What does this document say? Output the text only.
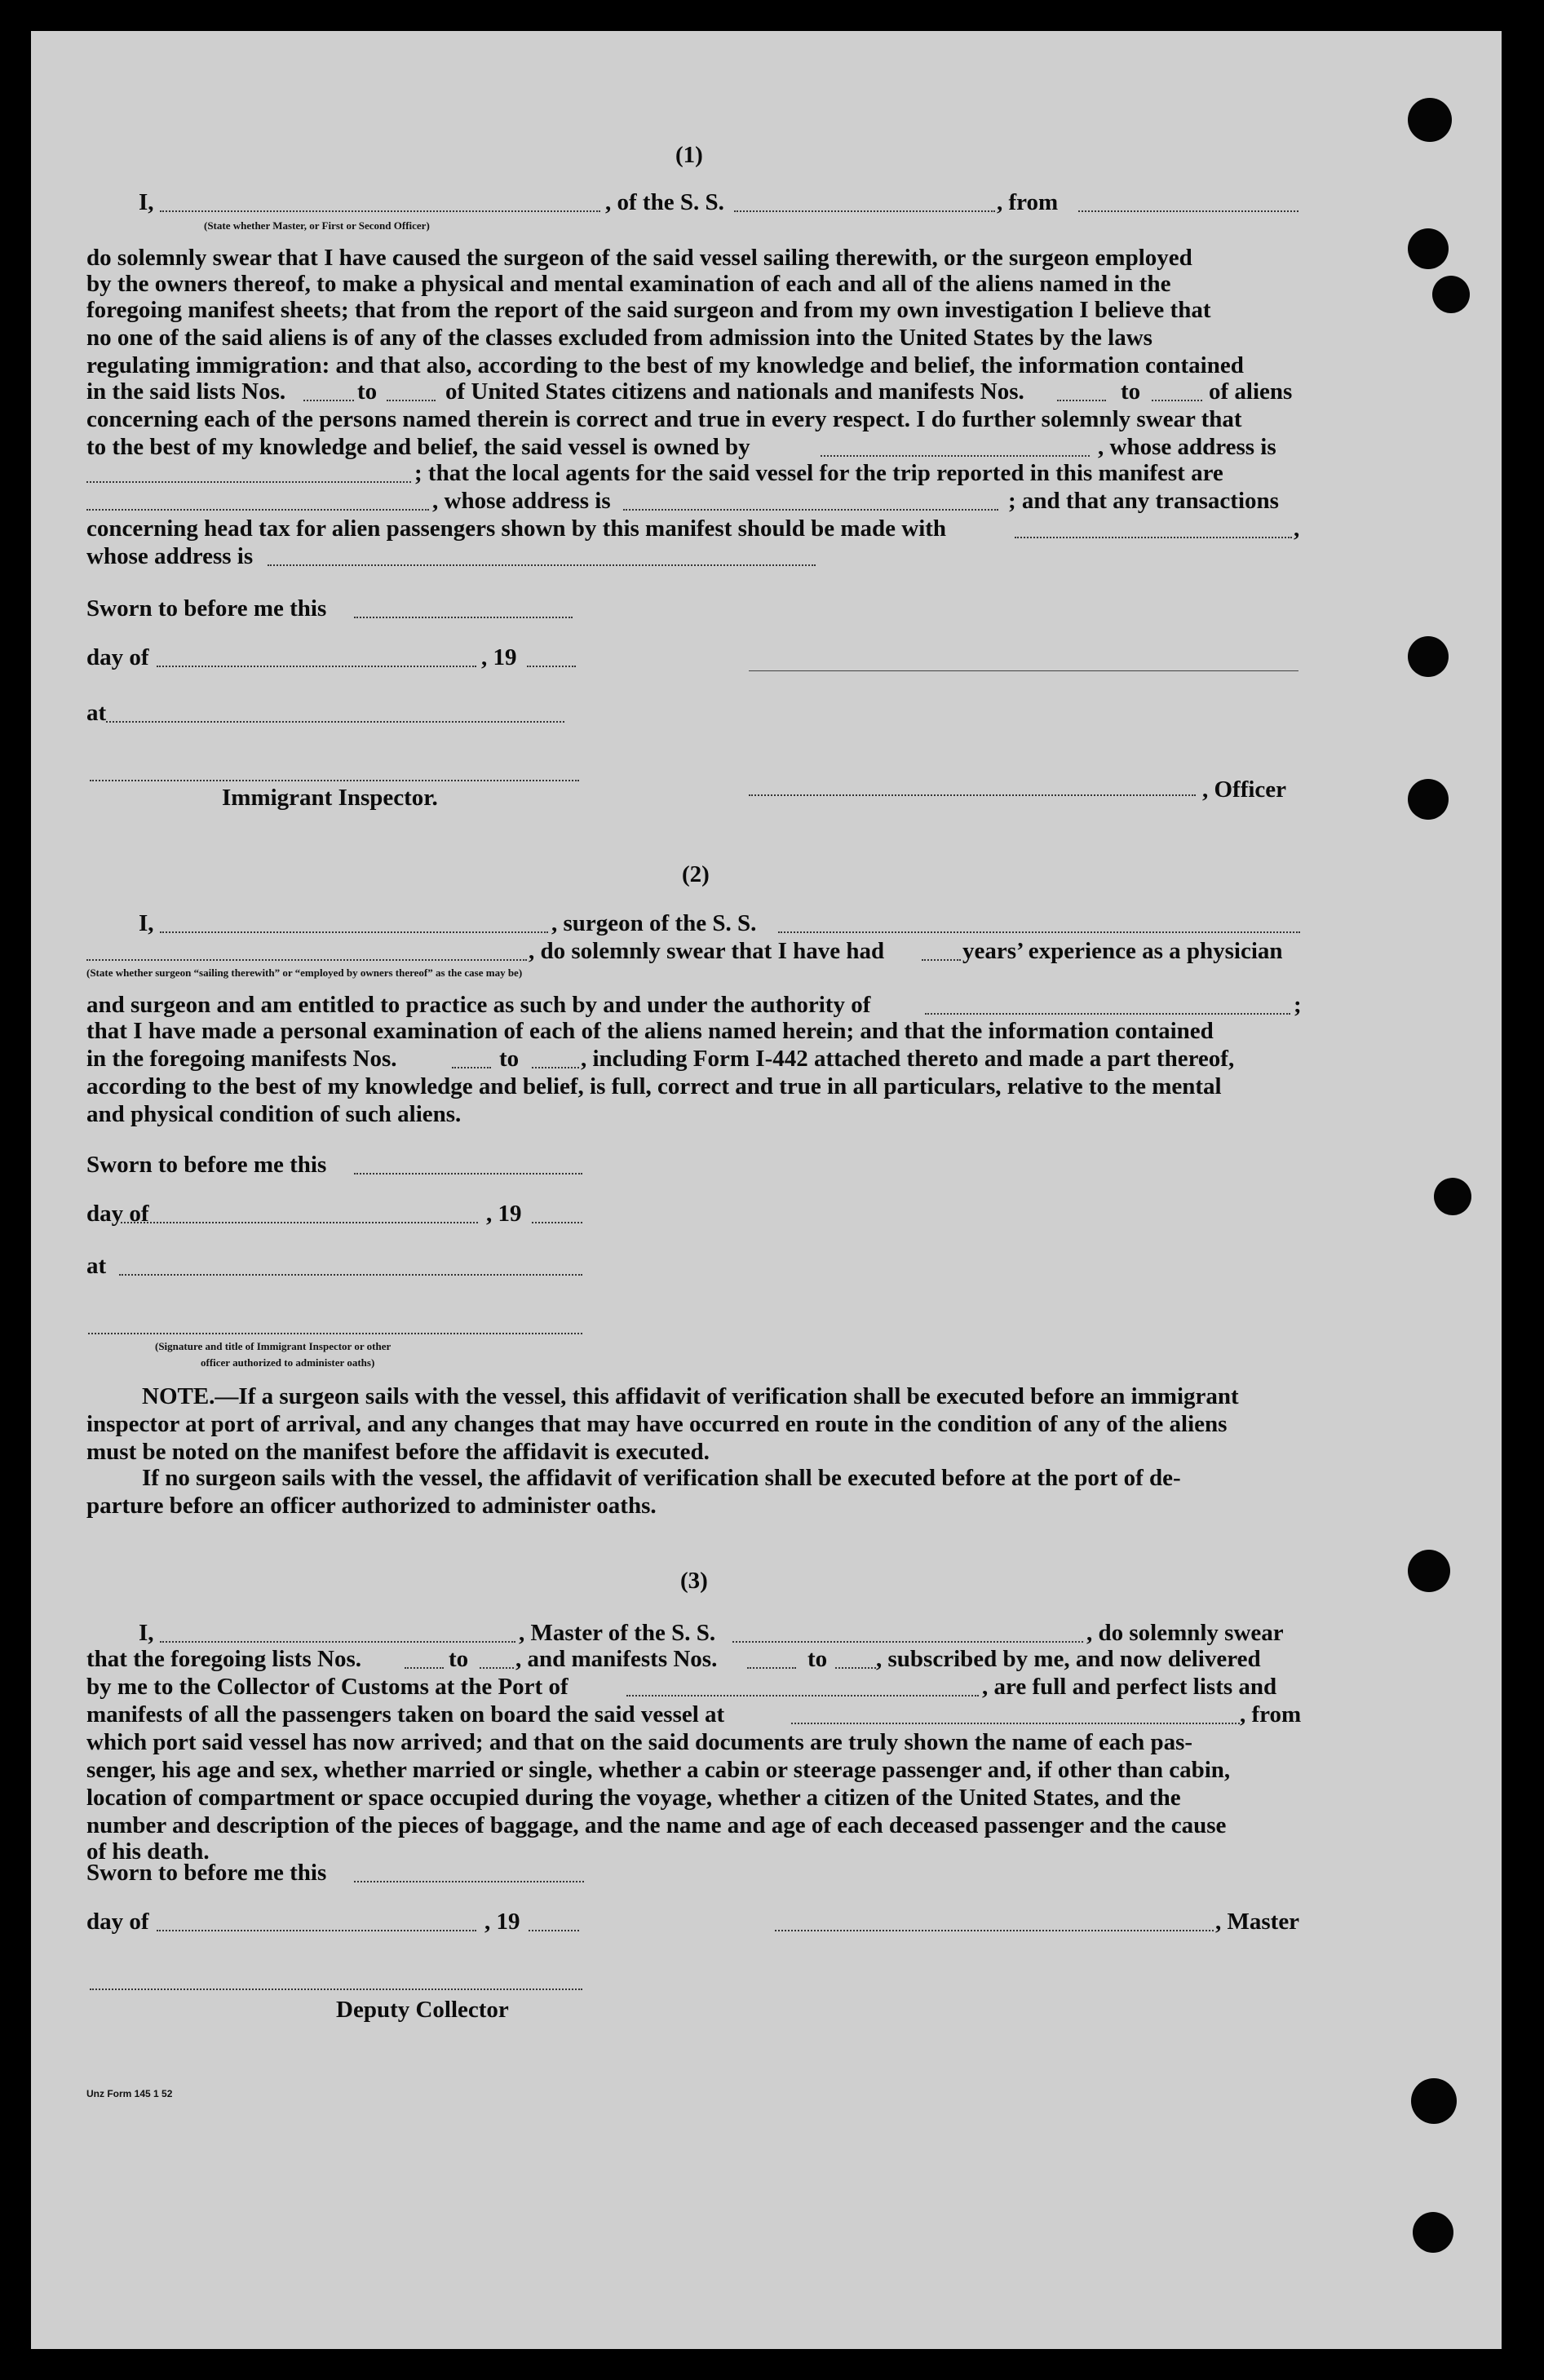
(1)
I,	, of the S. S.	, from
(State whether Master, or First or Second Officer)
do solemnly swear that I have caused the surgeon of the said vessel sailing therewith, or the surgeon employed
by the owners thereof, to make a physical and mental examination of each and all of the aliens named in the
foregoing manifest sheets; that from the report of the said surgeon and from my own investigation I believe that
no one of the said aliens is of any of the classes excluded from admission into the United States by the laws
regulating immigration: and that also, according to the best of my knowledge and belief, the information contained
in the said lists Nos.	to	of United States citizens and nationals and manifests Nos.	to	of aliens
concerning each of the persons named therein is correct and true in every respect. I do further solemnly swear that
to the best of my knowledge and belief, the said vessel is owned by	, whose address is
; that the local agents for the said vessel for the trip reported in this manifest are
, whose address is	; and that any transactions
concerning head tax for alien passengers shown by this manifest should be made with	,
whose address is
Sworn to before me this
day of	, 19
at

Immigrant Inspector.	, Officer
(2)
I,	, surgeon of the S. S.
, do solemnly swear that I have had	years’ experience as a physician
(State whether surgeon “sailing therewith” or “employed by owners thereof” as the case may be)
and surgeon and am entitled to practice as such by and under the authority of	;
that I have made a personal examination of each of the aliens named herein; and that the information contained
in the foregoing manifests Nos.	to	, including Form I-442 attached thereto and made a part thereof,
according to the best of my knowledge and belief, is full, correct and true in all particulars, relative to the mental
and physical condition of such aliens.
Sworn to before me this
day of	, 19
at
(Signature and title of Immigrant Inspector or other
officer authorized to administer oaths)
NOTE.—If a surgeon sails with the vessel, this affidavit of verification shall be executed before an immigrant
inspector at port of arrival, and any changes that may have occurred en route in the condition of any of the aliens
must be noted on the manifest before the affidavit is executed.
If no surgeon sails with the vessel, the affidavit of verification shall be executed before at the port of de-
parture before an officer authorized to administer oaths.
(3)
I,	, Master of the S. S.	, do solemnly swear
that the foregoing lists Nos.	to , and manifests Nos.	to , subscribed by me, and now delivered
by me to the Collector of Customs at the Port of	, are full and perfect lists and
manifests of all the passengers taken on board the said vessel at	, from
which port said vessel has now arrived; and that on the said documents are truly shown the name of each pas-
senger, his age and sex, whether married or single, whether a cabin or steerage passenger and, if other than cabin,
location of compartment or space occupied during the voyage, whether a citizen of the United States, and the
number and description of the pieces of baggage, and the name and age of each deceased passenger and the cause
of his death.
Sworn to before me this
day of	, 19	, Master
Deputy Collector
Unz Form 145 1 52
